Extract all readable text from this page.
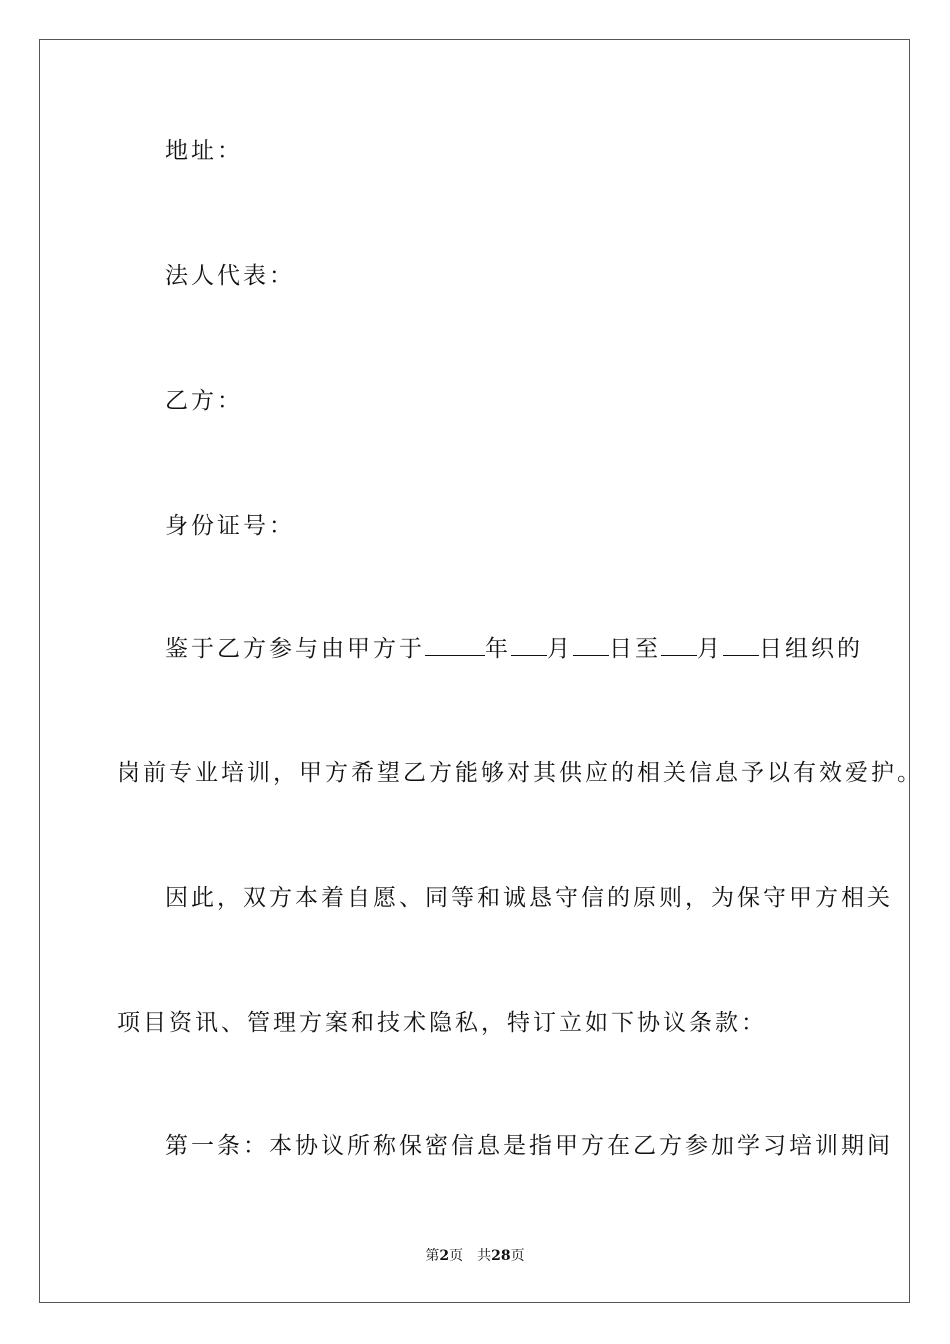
地址：
法人代表：
乙方：
身份证号：
鉴于乙方参与由甲方于	年 月 日至 月 日组织的
岗前专业培训，甲方希望乙方能够对其供应的相关信息予以有效爱护。
因此，双方本着自愿、同等和诚恳守信的原则，为保守甲方相关
项目资讯、管理方案和技术隐私，特订立如下协议条款：
第一条：本协议所称保密信息是指甲方在乙方参加学习培训期间
第2页 共28页
